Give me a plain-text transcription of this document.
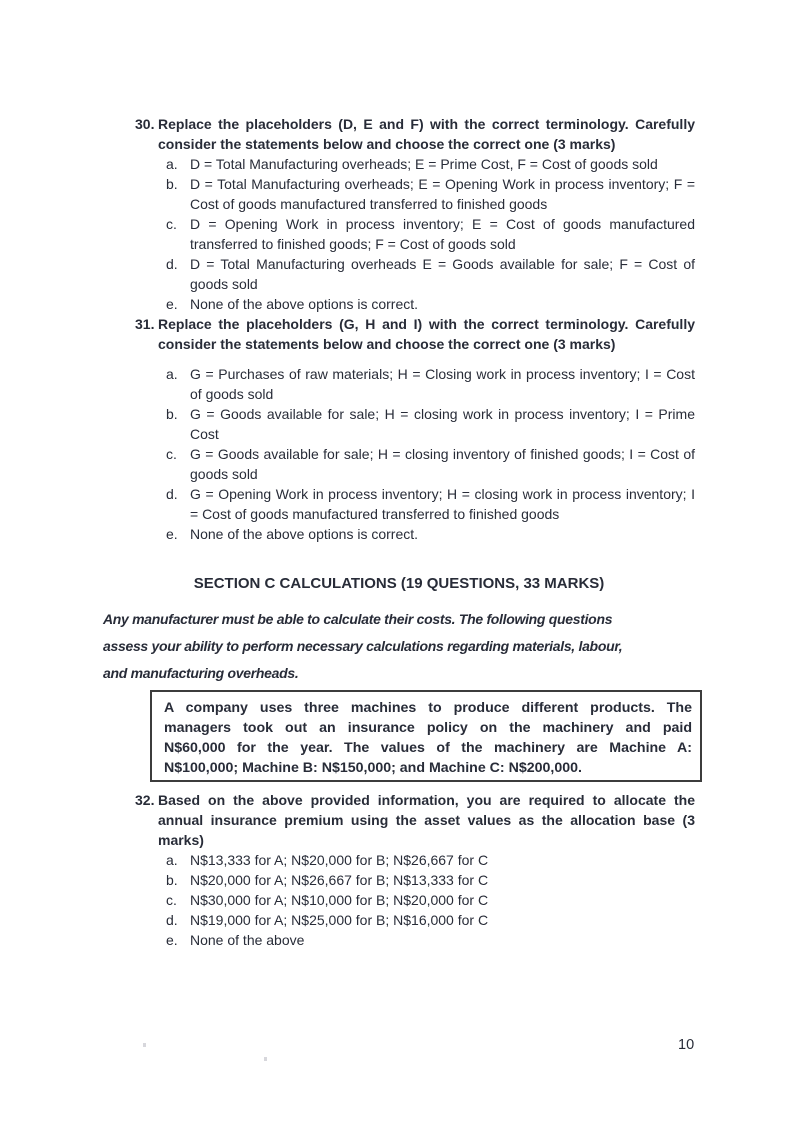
30. Replace the placeholders (D, E and F) with the correct terminology. Carefully consider the statements below and choose the correct one (3 marks)
a. D = Total Manufacturing overheads; E = Prime Cost, F = Cost of goods sold
b. D = Total Manufacturing overheads; E = Opening Work in process inventory; F = Cost of goods manufactured transferred to finished goods
c. D = Opening Work in process inventory; E = Cost of goods manufactured transferred to finished goods; F = Cost of goods sold
d. D = Total Manufacturing overheads E = Goods available for sale; F = Cost of goods sold
e. None of the above options is correct.
31. Replace the placeholders (G, H and I) with the correct terminology. Carefully consider the statements below and choose the correct one (3 marks)
a. G = Purchases of raw materials; H = Closing work in process inventory; I = Cost of goods sold
b. G = Goods available for sale; H = closing work in process inventory; I = Prime Cost
c. G = Goods available for sale; H = closing inventory of finished goods; I = Cost of goods sold
d. G = Opening Work in process inventory; H = closing work in process inventory; I = Cost of goods manufactured transferred to finished goods
e. None of the above options is correct.
SECTION C CALCULATIONS (19 QUESTIONS, 33 MARKS)
Any manufacturer must be able to calculate their costs. The following questions
assess your ability to perform necessary calculations regarding materials, labour,
and manufacturing overheads.
A company uses three machines to produce different products. The
managers took out an insurance policy on the machinery and paid
N$60,000 for the year. The values of the machinery are Machine A:
N$100,000; Machine B: N$150,000; and Machine C: N$200,000.
32. Based on the above provided information, you are required to allocate the annual insurance premium using the asset values as the allocation base (3 marks)
a. N$13,333 for A; N$20,000 for B; N$26,667 for C
b. N$20,000 for A; N$26,667 for B; N$13,333 for C
c. N$30,000 for A; N$10,000 for B; N$20,000 for C
d. N$19,000 for A; N$25,000 for B; N$16,000 for C
e. None of the above
10
